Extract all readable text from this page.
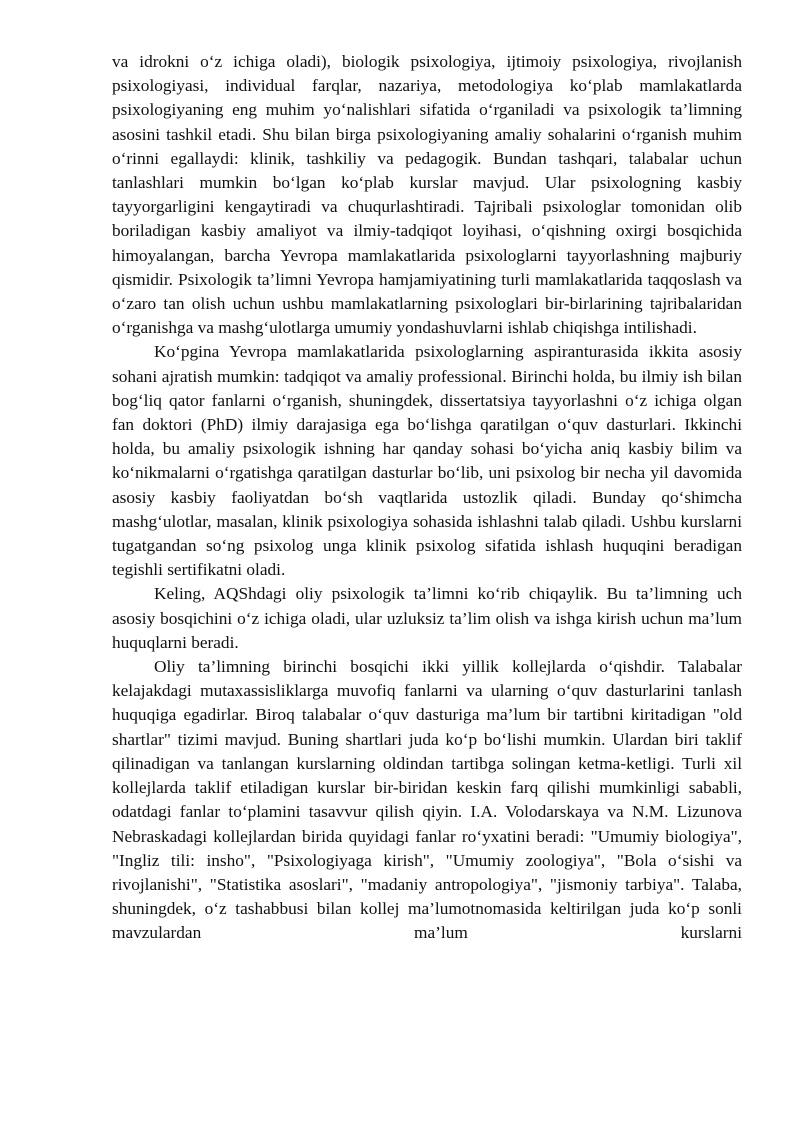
va idrokni o‘z ichiga oladi), biologik psixologiya, ijtimoiy psixologiya, rivojlanish psixologiyasi, individual farqlar, nazariya, metodologiya ko‘plab mamlakatlarda psixologiyaning eng muhim yo‘nalishlari sifatida o‘rganiladi va psixologik ta’limning asosini tashkil etadi. Shu bilan birga psixologiyaning amaliy sohalarini o‘rganish muhim o‘rinni egallaydi: klinik, tashkiliy va pedagogik. Bundan tashqari, talabalar uchun tanlashlari mumkin bo‘lgan ko‘plab kurslar mavjud. Ular psixologning kasbiy tayyorgarligini kengaytiradi va chuqurlashtiradi. Tajribali psixologlar tomonidan olib boriladigan kasbiy amaliyot va ilmiy-tadqiqot loyihasi, o‘qishning oxirgi bosqichida himoyalangan, barcha Yevropa mamlakatlarida psixologlarni tayyorlashning majburiy qismidir. Psixologik ta’limni Yevropa hamjamiyatining turli mamlakatlarida taqqoslash va o‘zaro tan olish uchun ushbu mamlakatlarning psixologlari bir-birlarining tajribalaridan o‘rganishga va mashg‘ulotlarga umumiy yondashuvlarni ishlab chiqishga intilishadi.

Ko‘pgina Yevropa mamlakatlarida psixologlarning aspiranturasida ikkita asosiy sohani ajratish mumkin: tadqiqot va amaliy professional. Birinchi holda, bu ilmiy ish bilan bog‘liq qator fanlarni o‘rganish, shuningdek, dissertatsiya tayyorlashni o‘z ichiga olgan fan doktori (PhD) ilmiy darajasiga ega bo‘lishga qaratilgan o‘quv dasturlari. Ikkinchi holda, bu amaliy psixologik ishning har qanday sohasi bo‘yicha aniq kasbiy bilim va ko‘nikmalarni o‘rgatishga qaratilgan dasturlar bo‘lib, uni psixolog bir necha yil davomida asosiy kasbiy faoliyatdan bo‘sh vaqtlarida ustozlik qiladi. Bunday qo‘shimcha mashg‘ulotlar, masalan, klinik psixologiya sohasida ishlashni talab qiladi. Ushbu kurslarni tugatgandan so‘ng psixolog unga klinik psixolog sifatida ishlash huquqini beradigan tegishli sertifikatni oladi.

Keling, AQShdagi oliy psixologik ta’limni ko‘rib chiqaylik. Bu ta’limning uch asosiy bosqichini o‘z ichiga oladi, ular uzluksiz ta’lim olish va ishga kirish uchun ma’lum huquqlarni beradi.

Oliy ta’limning birinchi bosqichi ikki yillik kollejlarda o‘qishdir. Talabalar kelajakdagi mutaxassisliklarga muvofiq fanlarni va ularning o‘quv dasturlarini tanlash huquqiga egadirlar. Biroq talabalar o‘quv dasturiga ma’lum bir tartibni kiritadigan "old shartlar" tizimi mavjud. Buning shartlari juda ko‘p bo‘lishi mumkin. Ulardan biri taklif qilinadigan va tanlangan kurslarning oldindan tartibga solingan ketma-ketligi. Turli xil kollejlarda taklif etiladigan kurslar bir-biridan keskin farq qilishi mumkinligi sababli, odatdagi fanlar to‘plamini tasavvur qilish qiyin. I.A. Volodarskaya va N.M. Lizunova Nebraskadagi kollejlardan birida quyidagi fanlar ro‘yxatini beradi: "Umumiy biologiya", "Ingliz tili: insho", "Psixologiyaga kirish", "Umumiy zoologiya", "Bola o‘sishi va rivojlanishi", "Statistika asoslari", "madaniy antropologiya", "jismoniy tarbiya". Talaba, shuningdek, o‘z tashabbusi bilan kollej ma’lumotnomasida keltirilgan juda ko‘p sonli mavzulardan ma’lum kurslarni
